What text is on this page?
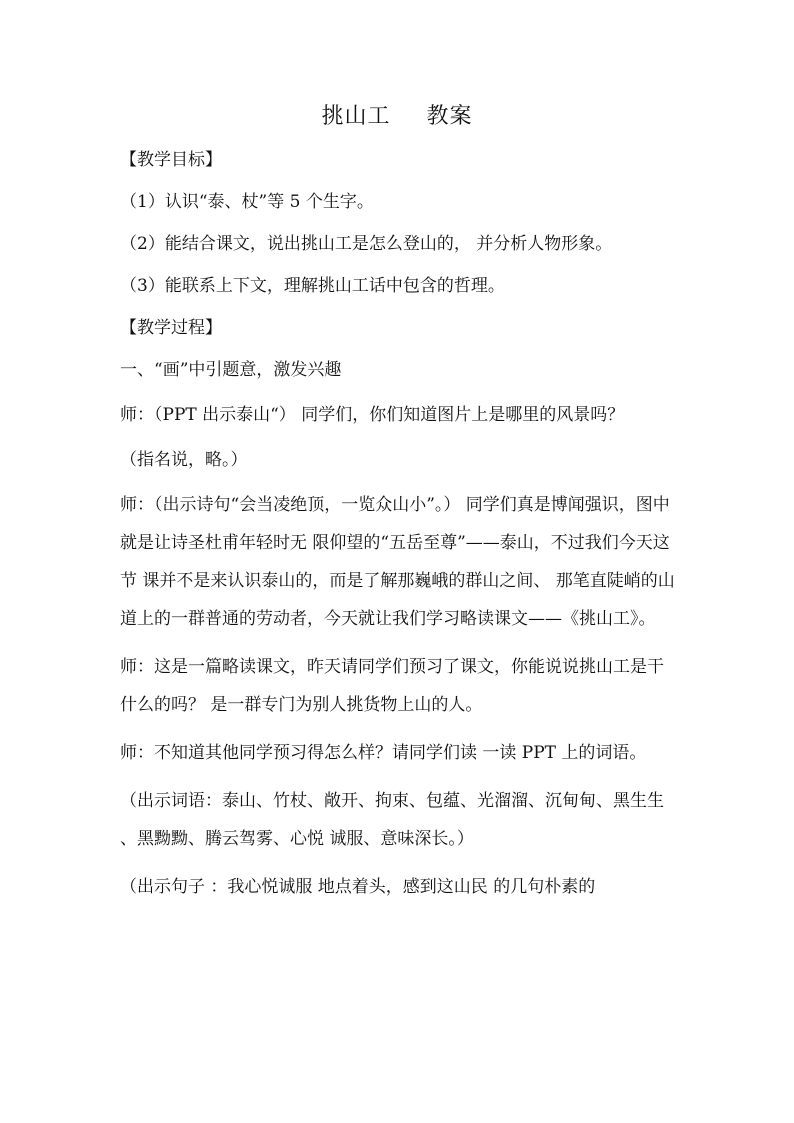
挑山工 教案

【教学目标】

（1）认识“泰、杖”等 5 个生字。

（2）能结合课文，说出挑山工是怎么登山的， 并分析人物形象。

（3）能联系上下文，理解挑山工话中包含的哲理。

【教学过程】

一、“画”中引题意，激发兴趣

师：（PPT 出示泰山“） 同学们，你们知道图片上是哪里的风景吗？

（指名说，略。）

师：（出示诗句“会当凌绝顶，一览众山小”。） 同学们真是博闻强识，图中就是让诗圣杜甫年轻时无 限仰望的“五岳至尊”——泰山，不过我们今天这节 课并不是来认识泰山的，而是了解那巍峨的群山之间、 那笔直陡峭的山道上的一群普通的劳动者，今天就让我们学习略读课文——《挑山工》。

师：这是一篇略读课文，昨天请同学们预习了课文，你能说说挑山工是干什么的吗？ 是一群专门为别人挑货物上山的人。

师：不知道其他同学预习得怎么样？请同学们读 一读 PPT 上的词语。

（出示词语：泰山、竹杖、敞开、拘束、包蕴、光溜溜、沉甸甸、黑生生 、黑黝黝、腾云驾雾、心悦 诚服、意味深长。）

（出示句子 ：我心悦诚服 地点着头，感到这山民 的几句朴素的
